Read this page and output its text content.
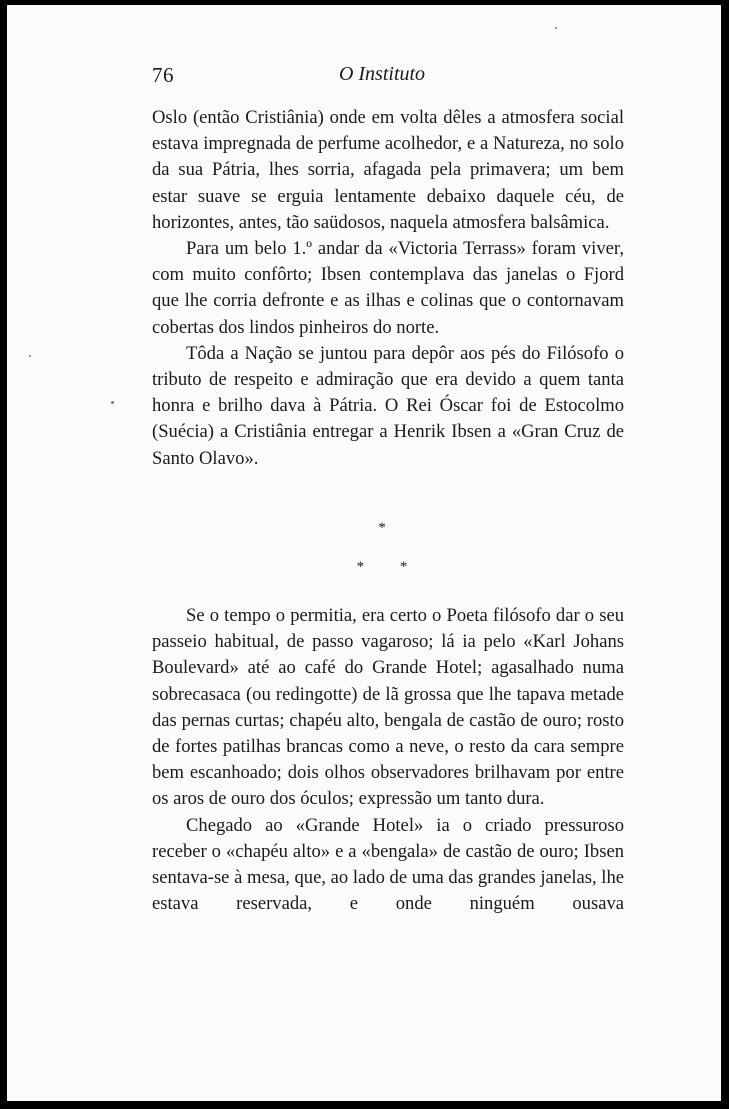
76	O Instituto

Oslo (então Cristiânia) onde em volta dêles a atmosfera social estava impregnada de perfume acolhedor, e a Natureza, no solo da sua Pátria, lhes sorria, afagada pela primavera; um bem estar suave se erguia lentamente debaixo daquele céu, de horizontes, antes, tão saüdosos, naquela atmosfera balsâmica.

Para um belo 1.º andar da «Victoria Terrass» foram viver, com muito confôrto; Ibsen contemplava das janelas o Fjord que lhe corria defronte e as ilhas e colinas que o contornavam cobertas dos lindos pinheiros do norte.

Tôda a Nação se juntou para depôr aos pés do Filósofo o tributo de respeito e admiração que era devido a quem tanta honra e brilho dava à Pátria. O Rei Óscar foi de Estocolmo (Suécia) a Cristiânia entregar a Henrik Ibsen a «Gran Cruz de Santo Olavo».

*
* *

Se o tempo o permitia, era certo o Poeta filósofo dar o seu passeio habitual, de passo vagaroso; lá ia pelo «Karl Johans Boulevard» até ao café do Grande Hotel; agasalhado numa sobrecasaca (ou redingotte) de lã grossa que lhe tapava metade das pernas curtas; chapéu alto, bengala de castão de ouro; rosto de fortes patilhas brancas como a neve, o resto da cara sempre bem escanhoado; dois olhos observadores brilhavam por entre os aros de ouro dos óculos; expressão um tanto dura.

Chegado ao «Grande Hotel» ia o criado pressuroso receber o «chapéu alto» e a «bengala» de castão de ouro; Ibsen sentava-se à mesa, que, ao lado de uma das grandes janelas, lhe estava reservada, e onde ninguém ousava
